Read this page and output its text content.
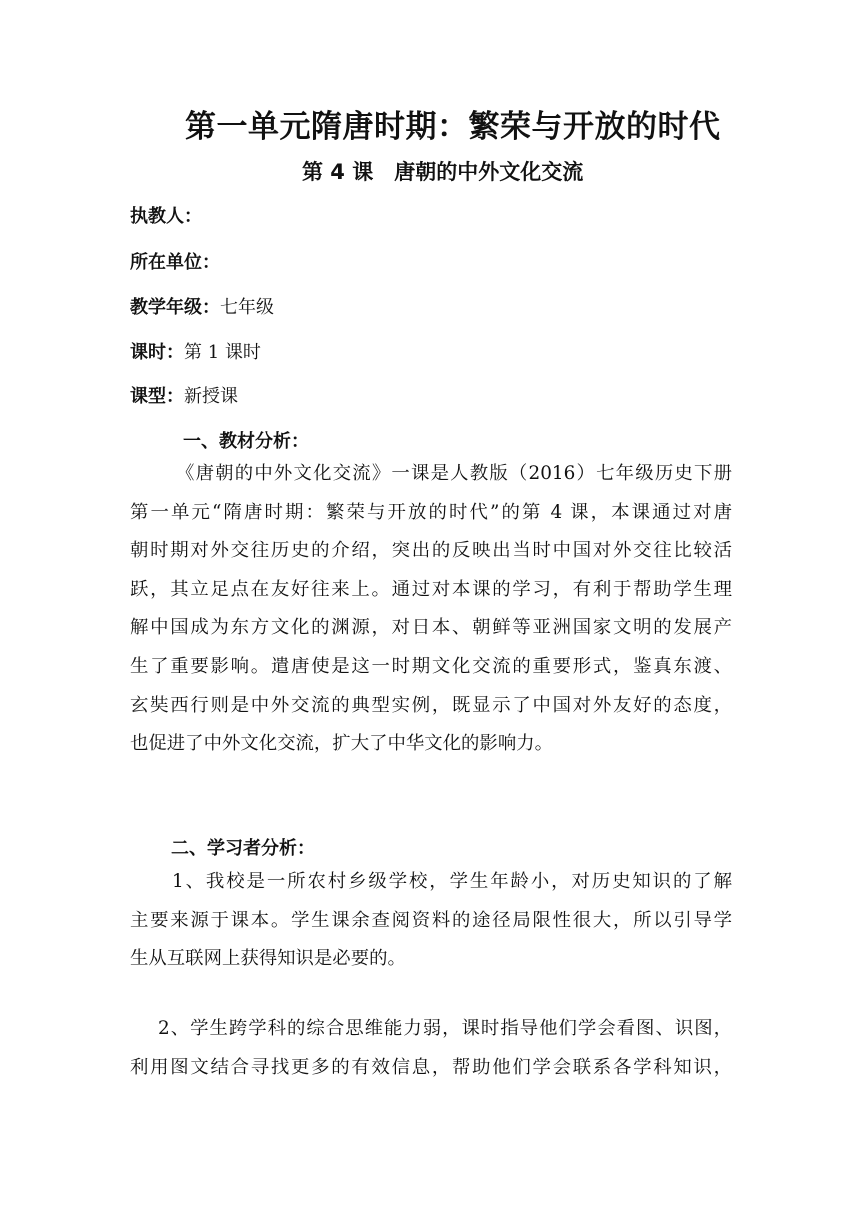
第一单元隋唐时期：繁荣与开放的时代
第 4 课　唐朝的中外文化交流
执教人：
所在单位：
教学年级：七年级
课时：第 1 课时
课型：新授课
一、教材分析：
《唐朝的中外文化交流》一课是人教版（2016）七年级历史下册
第一单元“隋唐时期：繁荣与开放的时代”的第 4 课，本课通过对唐
朝时期对外交往历史的介绍，突出的反映出当时中国对外交往比较活
跃，其立足点在友好往来上。通过对本课的学习，有利于帮助学生理
解中国成为东方文化的渊源，对日本、朝鲜等亚洲国家文明的发展产
生了重要影响。遣唐使是这一时期文化交流的重要形式，鉴真东渡、
玄奘西行则是中外交流的典型实例，既显示了中国对外友好的态度，
也促进了中外文化交流，扩大了中华文化的影响力。
二、学习者分析：
1、我校是一所农村乡级学校，学生年龄小，对历史知识的了解
主要来源于课本。学生课余查阅资料的途径局限性很大，所以引导学
生从互联网上获得知识是必要的。
2、学生跨学科的综合思维能力弱，课时指导他们学会看图、识图，
利用图文结合寻找更多的有效信息，帮助他们学会联系各学科知识，
